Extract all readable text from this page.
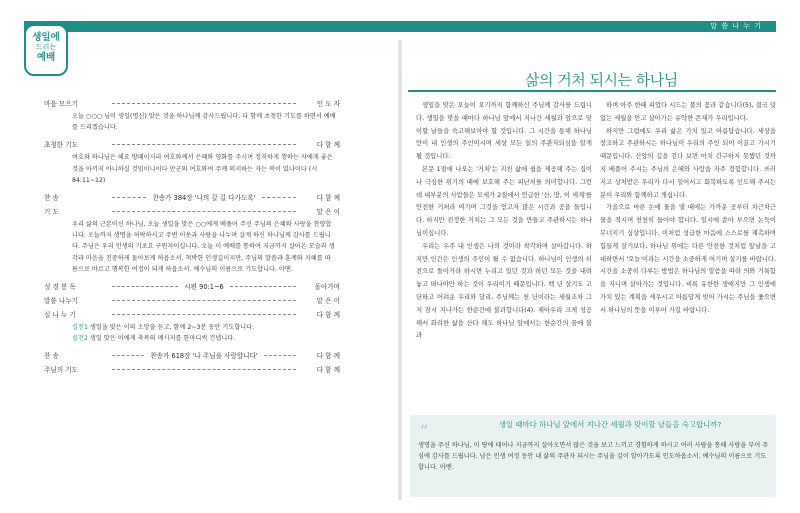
말 씀 나 누 기
생일에
드리는
예배
마음 모으기	인 도 자
오늘 ○○○ 님이 생일(명신) 맞은 것을 하나님께 감사드립니다. 다 함께 초청한 기도를 하면서 예배를 드리겠습니다.
초청한 기도	다 함 께
여호와 하나님은 해요 방패이시라 여호와께서 은혜와 영화를 주시며 정직하게 행하는 자에게 좋은 것을 아끼지 아니하실 것임이니이다 만군의 여호와여 주께 의지하는 자는 복이 있나이다 (시 84:11~12)
찬 송	찬송가 384장 '나의 갈 길 다가도록'	다 함 께
기 도	맡 은 이
우리 삶의 근본이신 하나님, 오늘 생일을 맞은 ○○에게 베풀어 주신 주님의 은혜와 사랑을 찬양합니다. 오늘까지 생명을 허락하시고 주변 이웃과 사랑을 나누며 살게 하신 하나님께 감사를 드립니다. 주님은 우리 인생의 기초요 구원자이십니다. 오늘 이 예배를 통하여 지금까지 살아온 모습과 생각과 마음을 진중하게 돌아보게 하옵소서. 척박한 인생길이지만, 주님의 말씀과 훈계와 지혜를 따름으로 바르고 행복한 여정이 되게 하옵소서. 예수님의 이름으로 기도합니다. 아멘.
성 경 봉 독	시편 90:1~6	돌아가며
말씀 나누기	맡 은 이
실 나 누 기	다 함 께
실천1 생일을 맞은 이의 소망을 듣고, 함께 2~3분 동안 기도합니다.
실천2 생일 맞은 이에게 축복의 메시지를 한마디씩 건넵니다.
찬 송	찬송가 618장 '나 주님을 사랑합니다'	다 함 께
주님의 기도	다 함 께
삶의 거처 되시는 하나님

생일을 맞은 오늘이 오기까지 함께하신 주님께 감사를 드립니다. 생일을 맞을 때마다 하나님 앞에서 지나간 세월과 앞으로 맞이할 날들을 숙고해보아야 할 것입니다. 그 시간을 통해 하나님만이 내 인생의 주인이시며 세상 모든 일의 주관자되심을 알게 될 것입니다.

본문 1절에 나오는 '거처'는 지친 삶에 쉼을 제공해 주는 집이나 극심한 위기의 때에 보호해 주는 피난처를 의미합니다. 그런데 대부분의 사람들은 모세가 2절에서 언급한 '산, 땅, 이 세계'를 안전한 거처라 여기며 그것을 얻고자 많은 시간과 공을 들입니다. 하지만 진정한 거처는 그 모든 것을 만들고 주관하시는 하나님이십니다.

우리는 우주 내 인생은 나의 것이라 착각하며 살아갑니다. 하지만 인간은 인생의 주인이 될 수 없습니다. 하나님이 인생의 터전으로 돌아가라 하시면 누리고 있던 것과 하던 모든 것을 내려놓고 떠나야만 하는 것이 우리이기 때문입니다. 백 년 살기도 고단하고 어려운 우리와 달리, 주님께는 천 년이라는 세월조차 그저 잠시 지나가는 한순간에 불과합니다(4). 재아우리 크게 성공해서 화려한 삶을 산다 해도 하나님 앞에서는 한순간의 꿈에 불과

하며 아주 한때 피었다 시드는 풀의 꽃과 같습니다(5), 결국 덧없는 세월을 안고 살아가는 유약한 존재가 우리입니다.

하지만 그럼에도 우리 삶은 가치 있고 아름답습니다. 세상을 창조하고 주관하시는 하나님이 우리의 주인 되어 이끌고 가시기 때문입니다. 신앙의 길을 걷다 보면 마치 간구하지 못했던 것까지 베풀어 주시는 주님의 은혜와 사랑을 자주 경험합니다. 쓰러지고 상처받은 우리가 다시 일어서고 회복하도록 인도해 주시는 분이 우리와 함께하고 계십니다.

가을으로 마른 논에 물을 댈 때에는 가까운 곳부터 차근차근 물을 적시며 천천히 들어야 합니다. 일시에 쏟아 부으면 논둑이 무너지기 십상입니다. 이처럼 성급한 마음에 스스로를 재촉하며 힘들게 살기보다, 하나님 위에는 다른 안전한 것처럼 앞날을 고대하면서 '오늘'이라는 시간을 소중하게 여기며 살기를 바랍니다. 시간을 소중히 다루는 방법은 하나님의 말씀을 따라 의와 거룩함을 지니며 살아가는 것입니다. 비록 유한한 생애지만 그 인생에 가치 있는 계획을 세우시고 아름답게 빚어 가시는 주님을 좇으면서 하나님의 뜻을 이루어 가길 바랍니다.

“	생일 때마다 하나님 앞에서 지나간 세월과 맞이할 날들을 숙고합니까?
생명을 주신 하나님, 이 땅에 태어나 지금까지 살아오면서 많은 것을 보고 느끼고 경험하게 하시고 여러 사람을 통해 사랑을 부어 주심에 감사를 드립니다. 남은 인생 여정 동안 내 삶의 주관자 되시는 주님을 깊이 알아가도록 인도하옵소서. 예수님의 이름으로 기도합니다. 아멘.
